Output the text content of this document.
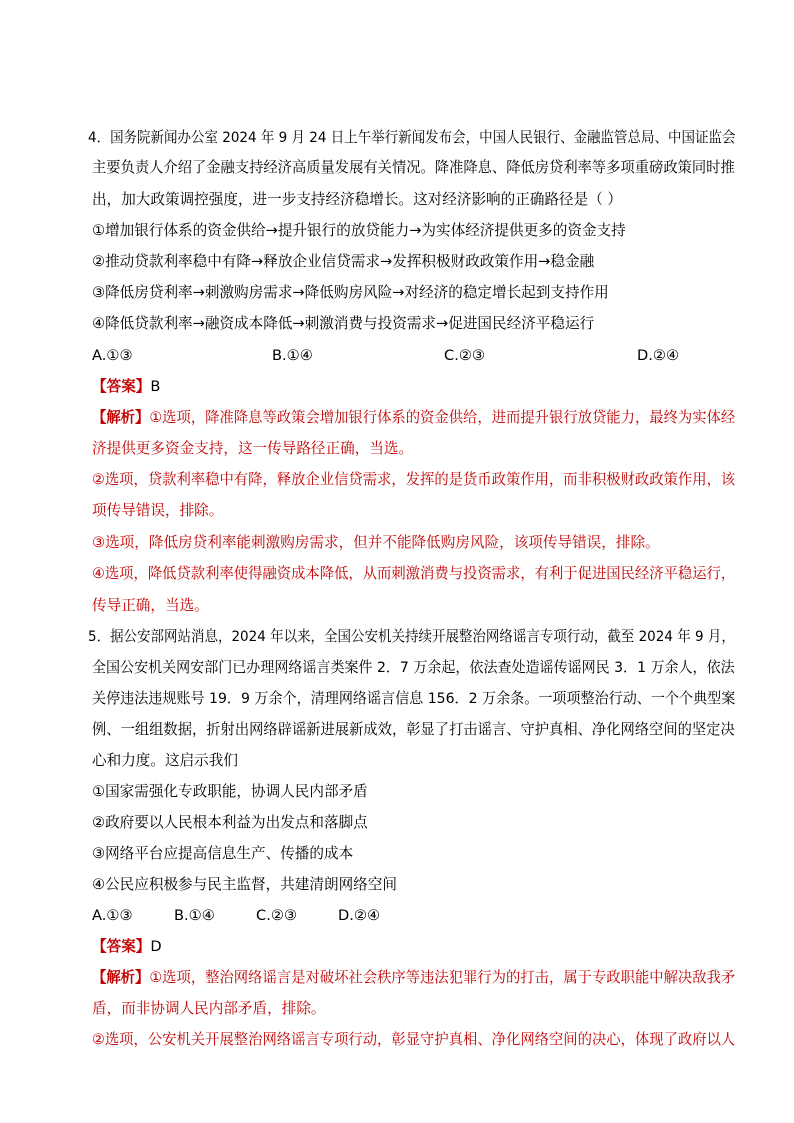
4．国务院新闻办公室 2024 年 9 月 24 日上午举行新闻发布会，中国人民银行、金融监管总局、中国证监会
主要负责人介绍了金融支持经济高质量发展有关情况。降准降息、降低房贷利率等多项重磅政策同时推
出，加大政策调控强度，进一步支持经济稳增长。这对经济影响的正确路径是（ ）
①增加银行体系的资金供给→提升银行的放贷能力→为实体经济提供更多的资金支持
②推动贷款利率稳中有降→释放企业信贷需求→发挥积极财政政策作用→稳金融
③降低房贷利率→刺激购房需求→降低购房风险→对经济的稳定增长起到支持作用
④降低贷款利率→融资成本降低→刺激消费与投资需求→促进国民经济平稳运行
A.①③	B.①④	C.②③	D.②④
【答案】B
【解析】①选项，降准降息等政策会增加银行体系的资金供给，进而提升银行放贷能力，最终为实体经
济提供更多资金支持，这一传导路径正确，当选。
②选项，贷款利率稳中有降，释放企业信贷需求，发挥的是货币政策作用，而非积极财政政策作用，该
项传导错误，排除。
③选项，降低房贷利率能刺激购房需求，但并不能降低购房风险，该项传导错误，排除。
④选项，降低贷款利率使得融资成本降低，从而刺激消费与投资需求，有利于促进国民经济平稳运行，
传导正确，当选。
5．据公安部网站消息，2024 年以来，全国公安机关持续开展整治网络谣言专项行动，截至 2024 年 9 月，
全国公安机关网安部门已办理网络谣言类案件 2．7 万余起，依法查处造谣传谣网民 3．1 万余人，依法
关停违法违规账号 19．9 万余个，清理网络谣言信息 156．2 万余条。一项项整治行动、一个个典型案
例、一组组数据，折射出网络辟谣新进展新成效，彰显了打击谣言、守护真相、净化网络空间的坚定决
心和力度。这启示我们
①国家需强化专政职能，协调人民内部矛盾
②政府要以人民根本利益为出发点和落脚点
③网络平台应提高信息生产、传播的成本
④公民应积极参与民主监督，共建清朗网络空间
A.①③	B.①④	C.②③	D.②④
【答案】D
【解析】①选项，整治网络谣言是对破坏社会秩序等违法犯罪行为的打击，属于专政职能中解决敌我矛
盾，而非协调人民内部矛盾，排除。
②选项，公安机关开展整治网络谣言专项行动，彰显守护真相、净化网络空间的决心，体现了政府以人
